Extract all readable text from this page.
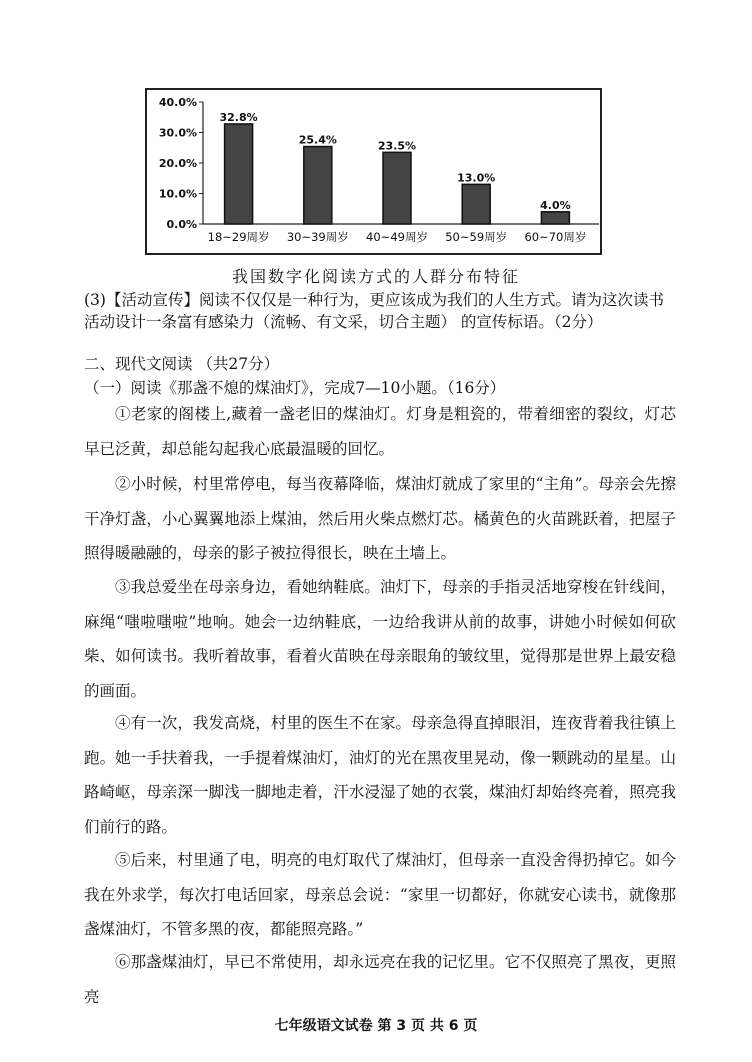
0.0%
10.0%
20.0%
30.0%
40.0%
32.8%
18~29周岁
25.4%
30~39周岁
23.5%
40~49周岁
13.0%
50~59周岁
4.0%
60~70周岁
我国数字化阅读方式的人群分布特征
(3)【活动宣传】阅读不仅仅是一种行为，更应该成为我们的人生方式。请为这次读书
活动设计一条富有感染力（流畅、有文采，切合主题） 的宣传标语。（2分）
二、现代文阅读 （共27分）
（一）阅读《那盏不熄的煤油灯》，完成7—10小题。（16分）
①老家的阁楼上,藏着一盏老旧的煤油灯。灯身是粗瓷的，带着细密的裂纹，灯芯早已泛黄，却总能勾起我心底最温暖的回忆。
②小时候，村里常停电，每当夜幕降临，煤油灯就成了家里的“主角”。母亲会先擦干净灯盏，小心翼翼地添上煤油，然后用火柴点燃灯芯。橘黄色的火苗跳跃着，把屋子照得暖融融的，母亲的影子被拉得很长，映在土墙上。
③我总爱坐在母亲身边，看她纳鞋底。油灯下，母亲的手指灵活地穿梭在针线间，麻绳“嗤啦嗤啦”地响。她会一边纳鞋底，一边给我讲从前的故事，讲她小时候如何砍柴、如何读书。我听着故事，看着火苗映在母亲眼角的皱纹里，觉得那是世界上最安稳的画面。
④有一次，我发高烧，村里的医生不在家。母亲急得直掉眼泪，连夜背着我往镇上跑。她一手扶着我，一手提着煤油灯，油灯的光在黑夜里晃动，像一颗跳动的星星。山路崎岖，母亲深一脚浅一脚地走着，汗水浸湿了她的衣裳，煤油灯却始终亮着，照亮我们前行的路。
⑤后来，村里通了电，明亮的电灯取代了煤油灯，但母亲一直没舍得扔掉它。如今我在外求学，每次打电话回家，母亲总会说：“家里一切都好，你就安心读书，就像那盏煤油灯，不管多黑的夜，都能照亮路。”
⑥那盏煤油灯，早已不常使用，却永远亮在我的记忆里。它不仅照亮了黑夜，更照亮
七年级语文试卷 第 3 页 共 6 页
